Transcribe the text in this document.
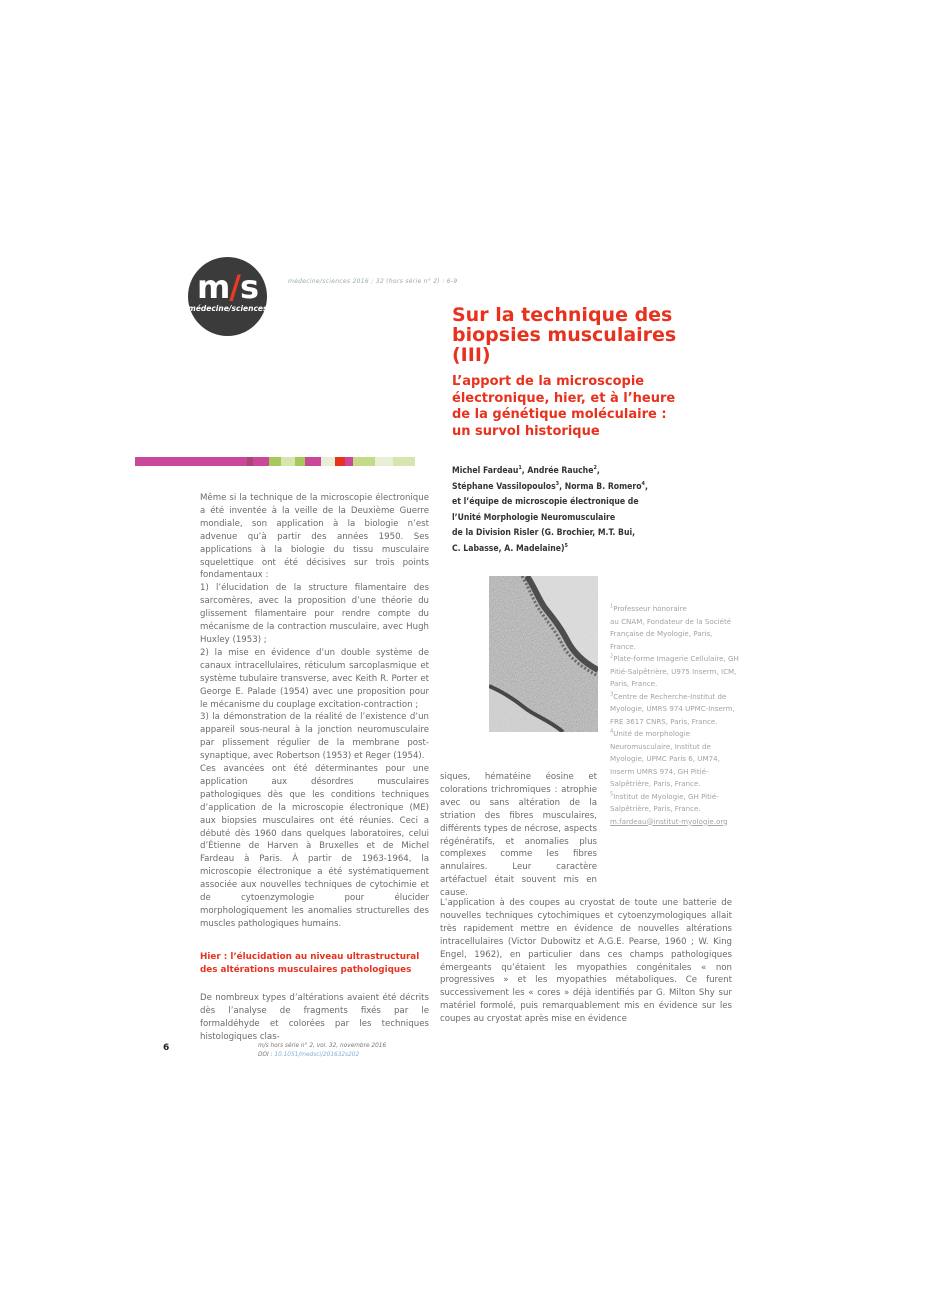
m/s
médecine/sciences
médecine/sciences 2016 ; 32 (hors série n° 2) : 6-9
Sur la technique des biopsies musculaires (III)
L’apport de la microscopie électronique, hier, et à l’heure de la génétique moléculaire : un survol historique
Michel Fardeau$^1$, Andrée Rauche$^2$,
Stéphane Vassilopoulos$^3$, Norma B. Romero$^4$,
et l’équipe de microscopie électronique de
l’Unité Morphologie Neuromusculaire
de la Division Risler (G. Brochier, M.T. Bui,
C. Labasse, A. Madelaine)$^5$

Même si la technique de la microscopie électronique a été inventée à la veille de la Deuxième Guerre mondiale, son application à la biologie n’est advenue qu’à partir des années 1950. Ses applications à la biologie du tissu musculaire squelettique ont été décisives sur trois points fondamentaux :

1) l’élucidation de la structure filamentaire des sarcomères, avec la proposition d’une théorie du glissement filamentaire pour rendre compte du mécanisme de la contraction musculaire, avec Hugh Huxley (1953) ;

2) la mise en évidence d’un double système de canaux intracellulaires, réticulum sarcoplasmique et système tubulaire transverse, avec Keith R. Porter et George E. Palade (1954) avec une proposition pour le mécanisme du couplage excitation-contraction ;

3) la démonstration de la réalité de l’existence d’un appareil sous-neural à la jonction neuromusculaire par plissement régulier de la membrane post-synaptique, avec Robertson (1953) et Reger (1954).

Ces avancées ont été déterminantes pour une application aux désordres musculaires pathologiques dès que les conditions techniques d’application de la microscopie électronique (ME) aux biopsies musculaires ont été réunies. Ceci a débuté dès 1960 dans quelques laboratoires, celui d’Étienne de Harven à Bruxelles et de Michel Fardeau à Paris. À partir de 1963-1964, la microscopie électronique a été systématiquement associée aux nouvelles techniques de cytochimie et de cytoenzymologie pour élucider morphologiquement les anomalies structurelles des muscles pathologiques humains.

Hier : l’élucidation au niveau ultrastructural des altérations musculaires pathologiques

De nombreux types d’altérations avaient été décrits dès l’analyse de fragments fixés par le formaldéhyde et colorées par les techniques histologiques clas-

siques, hématéine éosine et colorations trichromiques : atrophie avec ou sans altération de la striation des fibres musculaires, différents types de nécrose, aspects régénératifs, et anomalies plus complexes comme les fibres annulaires. Leur caractère artéfactuel était souvent mis en cause.

L’application à des coupes au cryostat de toute une batterie de nouvelles techniques cytochimiques et cytoenzymologiques allait très rapidement mettre en évidence de nouvelles altérations intracellulaires (Victor Dubowitz et A.G.E. Pearse, 1960 ; W. King Engel, 1962), en particulier dans ces champs pathologiques émergeants qu’étaient les myopathies congénitales « non progressives » et les myopathies métaboliques. Ce furent successivement les « cores » déjà identifiés par G. Milton Shy sur matériel formolé, puis remarquablement mis en évidence sur les coupes au cryostat après mise en évidence

$^1$Professeur honoraire
au CNAM, Fondateur de la Société Française de Myologie, Paris, France.
$^2$Plate-forme Imagerie Cellulaire, GH Pitié-Salpêtrière, U975 Inserm, ICM, Paris, France.
$^3$Centre de Recherche-Institut de Myologie, UMRS 974 UPMC-Inserm, FRE 3617 CNRS, Paris, France.
$^4$Unité de morphologie Neuromusculaire, Institut de Myologie, UPMC Paris 6, UM74, Inserm UMRS 974, GH Pitié-Salpêtrière, Paris, France.
$^5$Institut de Myologie, GH Pitié-Salpêtrière, Paris, France.
m.fardeau@institut-myologie.org
6	m/s hors série n° 2, vol. 32, novembre 2016
DOI : 10.1051/medsci/201632s202
